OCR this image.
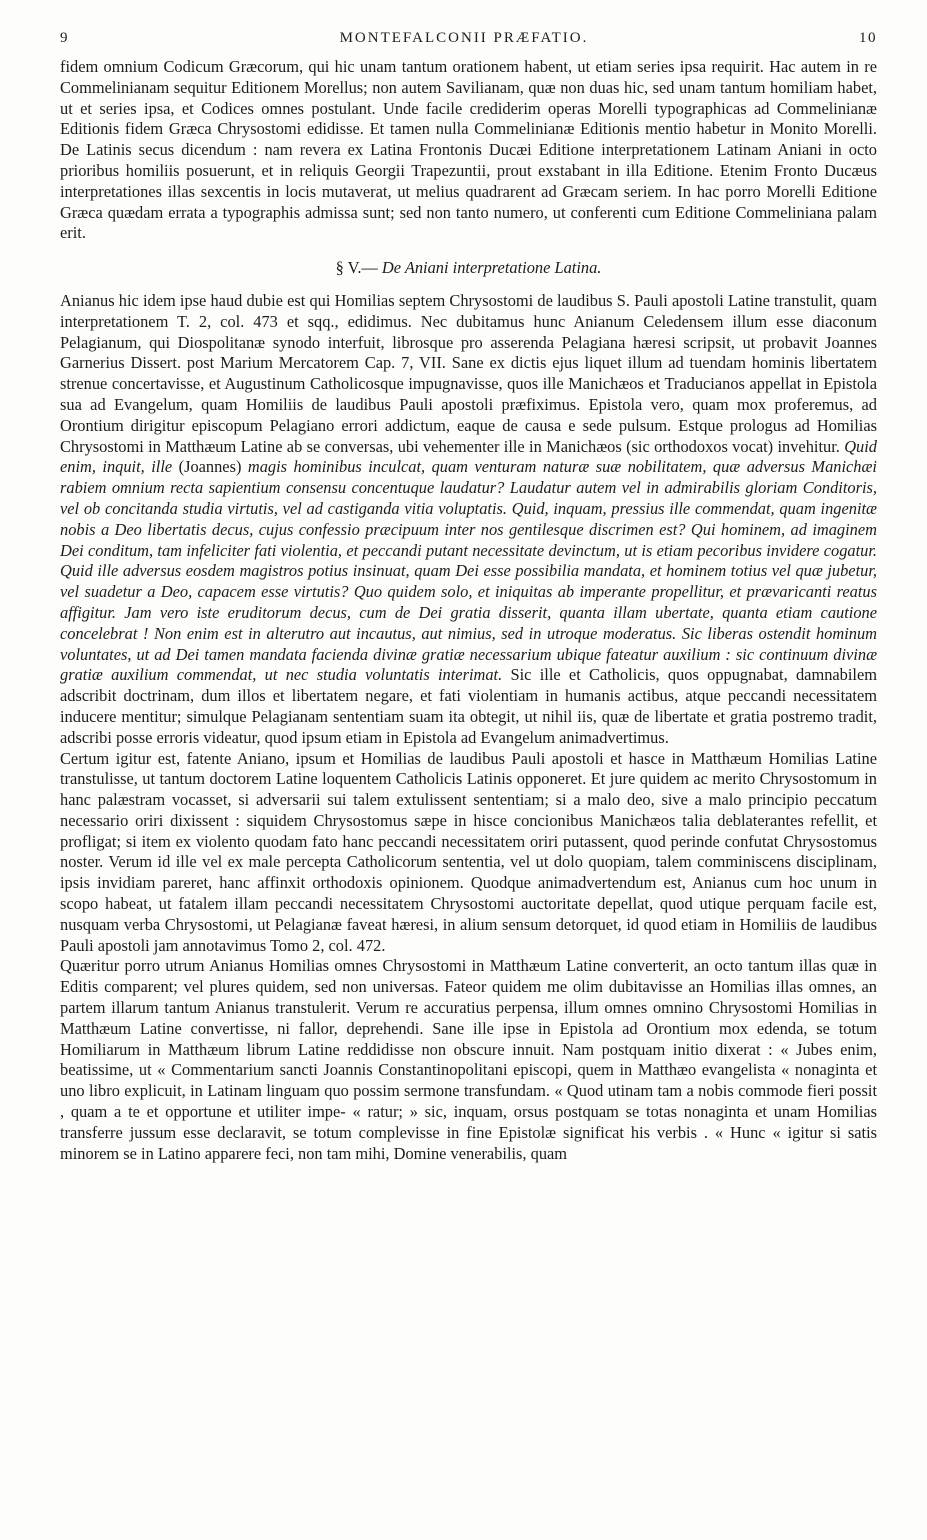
9	MONTEFALCONII PRÆFATIO.	10

fidem omnium Codicum Græcorum, qui hic unam tantum orationem habent, ut etiam series ipsa requirit. Hac autem in re Commelinianam sequitur Editionem Morellus; non autem Savilianam, quæ non duas hic, sed unam tantum homiliam habet, ut et series ipsa, et Codices omnes postulant. Unde facile crediderim operas Morelli typographicas ad Commelinianæ Editionis fidem Græca Chrysostomi edidisse. Et tamen nulla Commelinianæ Editionis mentio habetur in Monito Morelli. De Latinis secus dicendum : nam revera ex Latina Frontonis Ducæi Editione interpretationem Latinam Aniani in octo prioribus homiliis posuerunt, et in reliquis Georgii Trapezuntii, prout exstabant in illa Editione. Etenim Fronto Ducæus interpretationes illas sexcentis in locis mutaverat, ut melius quadrarent ad Græcam seriem. In hac porro Morelli Editione Græca quædam errata a typographis admissa sunt; sed non tanto numero, ut conferenti cum Editione Commeliniana palam erit.

§ V.— De Aniani interpretatione Latina.

Anianus hic idem ipse haud dubie est qui Homilias septem Chrysostomi de laudibus S. Pauli apostoli Latine transtulit, quam interpretationem T. 2, col. 473 et sqq., edidimus. Nec dubitamus hunc Anianum Celedensem illum esse diaconum Pelagianum, qui Diospolitanæ synodo interfuit, librosque pro asserenda Pelagiana hæresi scripsit, ut probavit Joannes Garnerius Dissert. post Marium Mercatorem Cap. 7, VII. Sane ex dictis ejus liquet illum ad tuendam hominis libertatem strenue concertavisse, et Augustinum Catholicosque impugnavisse, quos ille Manichæos et Traducianos appellat in Epistola sua ad Evangelum, quam Homiliis de laudibus Pauli apostoli præfiximus. Epistola vero, quam mox proferemus, ad Orontium dirigitur episcopum Pelagiano errori addictum, eaque de causa e sede pulsum. Estque prologus ad Homilias Chrysostomi in Matthæum Latine ab se conversas, ubi vehementer ille in Manichæos (sic orthodoxos vocat) invehitur. Quid enim, inquit, ille (Joannes) magis hominibus inculcat, quam venturam naturæ suæ nobilitatem, quæ adversus Manichæi rabiem omnium recta sapientium consensu concentuque laudatur? Laudatur autem vel in admirabilis gloriam Conditoris, vel ob concitanda studia virtutis, vel ad castiganda vitia voluptatis. Quid, inquam, pressius ille commendat, quam ingenitæ nobis a Deo libertatis decus, cujus confessio præcipuum inter nos gentilesque discrimen est? Qui hominem, ad imaginem Dei conditum, tam infeliciter fati violentia, et peccandi putant necessitate devinctum, ut is etiam pecoribus invidere cogatur. Quid ille adversus eosdem magistros potius insinuat, quam Dei esse possibilia mandata, et hominem totius vel quæ jubetur, vel suadetur a Deo, capacem esse virtutis? Quo quidem solo, et iniquitas ab imperante propellitur, et prævaricanti reatus affigitur. Jam vero iste eruditorum decus, cum de Dei gratia disserit, quanta illam ubertate, quanta etiam cautione concelebrat ! Non enim est in alterutro aut incautus, aut nimius, sed in utroque moderatus. Sic liberas ostendit hominum voluntates, ut ad Dei tamen mandata facienda divinæ gratiæ necessarium ubique fateatur auxilium : sic continuum divinæ gratiæ auxilium commendat, ut nec studia voluntatis interimat. Sic ille et Catholicis, quos oppugnabat, damnabilem adscribit doctrinam, dum illos et libertatem negare, et fati violentiam in humanis actibus, atque peccandi necessitatem inducere mentitur; simulque Pelagianam sententiam suam ita obtegit, ut nihil iis, quæ de libertate et gratia postremo tradit, adscribi posse erroris videatur, quod ipsum etiam in Epistola ad Evangelum animadvertimus.

Certum igitur est, fatente Aniano, ipsum et Homilias de laudibus Pauli apostoli et hasce in Matthæum Homilias Latine transtulisse, ut tantum doctorem Latine loquentem Catholicis Latinis opponeret. Et jure quidem ac merito Chrysostomum in hanc palæstram vocasset, si adversarii sui talem extulissent sententiam; si a malo deo, sive a malo principio peccatum necessario oriri dixissent : siquidem Chrysostomus sæpe in hisce concionibus Manichæos talia deblaterantes refellit, et profligat; si item ex violento quodam fato hanc peccandi necessitatem oriri putassent, quod perinde confutat Chrysostomus noster. Verum id ille vel ex male percepta Catholicorum sententia, vel ut dolo quopiam, talem comminiscens disciplinam, ipsis invidiam pareret, hanc affinxit orthodoxis opinionem. Quodque animadvertendum est, Anianus cum hoc unum in scopo habeat, ut fatalem illam peccandi necessitatem Chrysostomi auctoritate depellat, quod utique perquam facile est, nusquam verba Chrysostomi, ut Pelagianæ faveat hæresi, in alium sensum detorquet, id quod etiam in Homiliis de laudibus Pauli apostoli jam annotavimus Tomo 2, col. 472.

Quæritur porro utrum Anianus Homilias omnes Chrysostomi in Matthæum Latine converterit, an octo tantum illas quæ in Editis comparent; vel plures quidem, sed non universas. Fateor quidem me olim dubitavisse an Homilias illas omnes, an partem illarum tantum Anianus transtulerit. Verum re accuratius perpensa, illum omnes omnino Chrysostomi Homilias in Matthæum Latine convertisse, ni fallor, deprehendi. Sane ille ipse in Epistola ad Orontium mox edenda, se totum Homiliarum in Matthæum librum Latine reddidisse non obscure innuit. Nam postquam initio dixerat : « Jubes enim, beatissime, ut « Commentarium sancti Joannis Constantinopolitani episcopi, quem in Matthæo evangelista « nonaginta et uno libro explicuit, in Latinam linguam quo possim sermone transfundam. « Quod utinam tam a nobis commode fieri possit , quam a te et opportune et utiliter impe- « ratur; » sic, inquam, orsus postquam se totas nonaginta et unam Homilias transferre jussum esse declaravit, se totum complevisse in fine Epistolæ significat his verbis . « Hunc « igitur si satis minorem se in Latino apparere feci, non tam mihi, Domine venerabilis, quam
